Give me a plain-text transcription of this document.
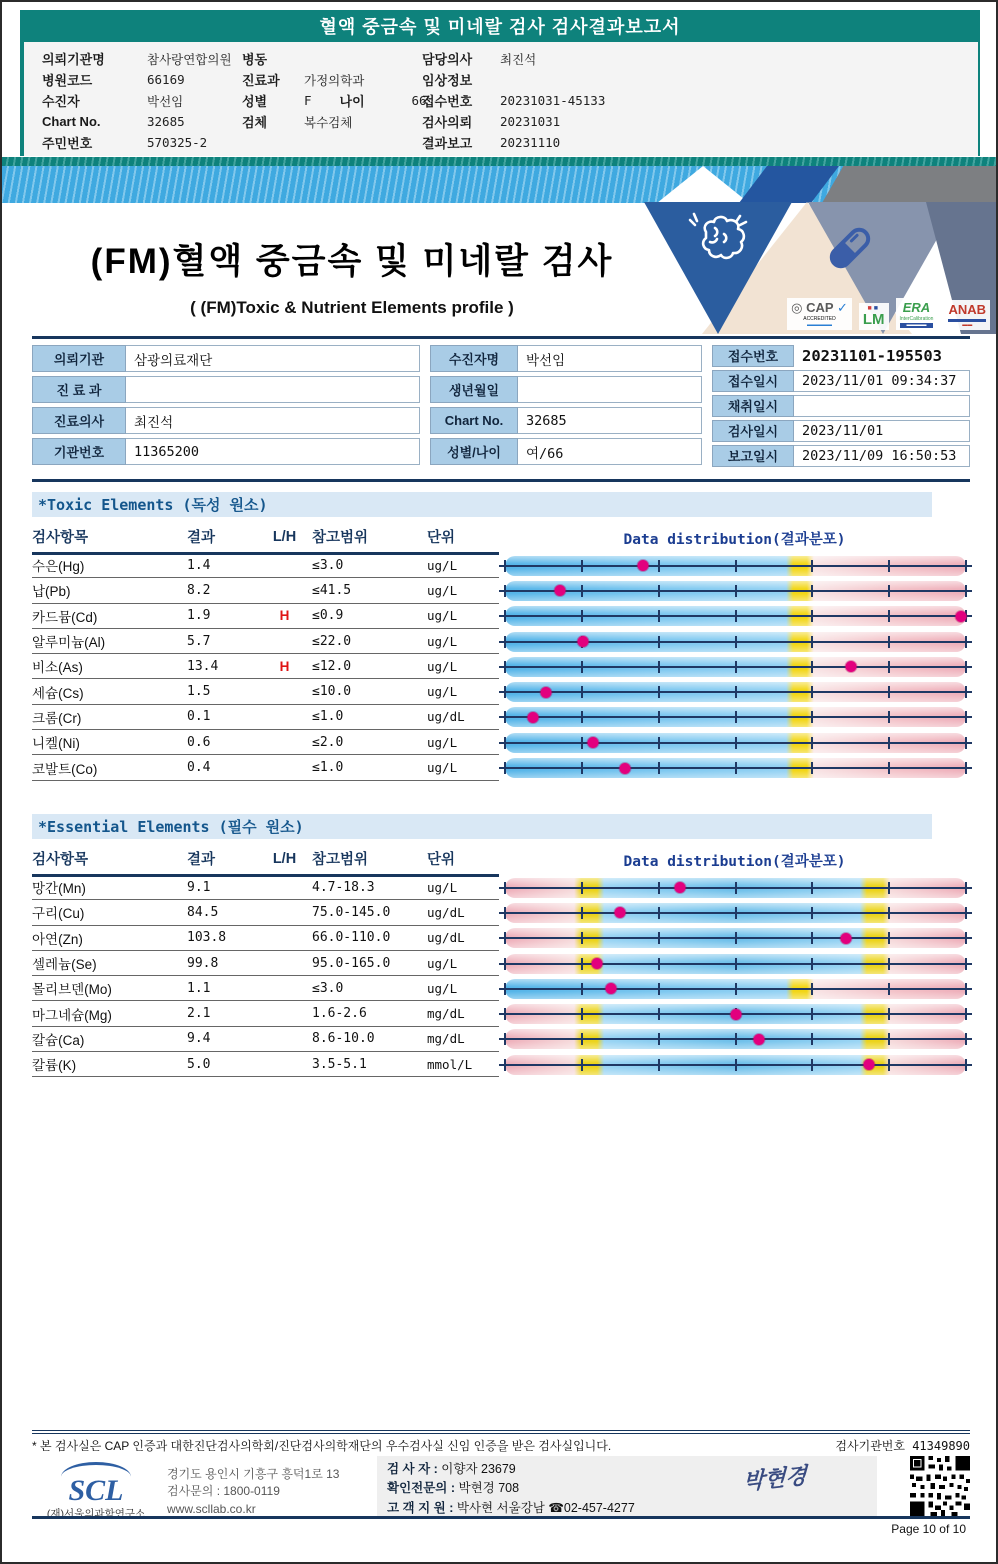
혈액 중금속 및 미네랄 검사 검사결과보고서
의뢰기관명	참사랑연합의원
병원코드	66169
수진자	박선임
Chart No.	32685
주민번호	570325-2
병동
진료과	가정의학과
성별	F 나이	66
검체	복수검체
담당의사	최진석
임상정보
접수번호	20231031-45133
검사의뢰	20231031
결과보고	20231110
◎ CAP ✓
ACCREDITED
▬▬▬▬▬
■■
LM
ERA
InterCalibration
▬▬▬▬
ANAB
▬▬
(FM)혈액 중금속 및 미네랄 검사
( (FM)Toxic & Nutrient Elements profile )
의뢰기관	삼광의료재단
진 료 과
진료의사	최진석
기관번호	11365200
수진자명	박선임
생년월일
Chart No.	32685
성별/나이	여/66
접수번호	20231101-195503
접수일시	2023/11/01 09:34:37
채취일시
검사일시	2023/11/01
보고일시	2023/11/09 16:50:53
*Toxic Elements (독성 원소)
검사항목	결과	L/H	참고범위	단위	Data distribution(결과분포)
수은(Hg)	1.4	≤3.0	ug/L
납(Pb)	8.2	≤41.5	ug/L
카드뮴(Cd)	1.9	H	≤0.9	ug/L
알루미늄(Al)	5.7	≤22.0	ug/L
비소(As)	13.4	H	≤12.0	ug/L
세슘(Cs)	1.5	≤10.0	ug/L
크롬(Cr)	0.1	≤1.0	ug/dL
니켈(Ni)	0.6	≤2.0	ug/L
코발트(Co)	0.4	≤1.0	ug/L
*Essential Elements (필수 원소)
검사항목	결과	L/H	참고범위	단위	Data distribution(결과분포)
망간(Mn)	9.1	4.7-18.3	ug/L
구리(Cu)	84.5	75.0-145.0	ug/dL
아연(Zn)	103.8	66.0-110.0	ug/dL
셀레늄(Se)	99.8	95.0-165.0	ug/L
몰리브덴(Mo)	1.1	≤3.0	ug/L
마그네슘(Mg)	2.1	1.6-2.6	mg/dL
칼슘(Ca)	9.4	8.6-10.0	mg/dL
칼륨(K)	5.0	3.5-5.1	mmol/L
* 본 검사실은 CAP 인증과 대한진단검사의학회/진단검사의학재단의 우수검사실 신임 인증을 받은 검사실입니다.	검사기관번호 41349890
SCL
(재)서울의과학연구소
경기도 용인시 기흥구 흥덕1로 13
검사문의 : 1800-0119
www.scllab.co.kr
검 사 자 : 이향자 23679
확인전문의 : 박현경 708
고 객 지 원 : 박사현 서울강남 ☎02-457-4277
박현경
Page 10 of 10
